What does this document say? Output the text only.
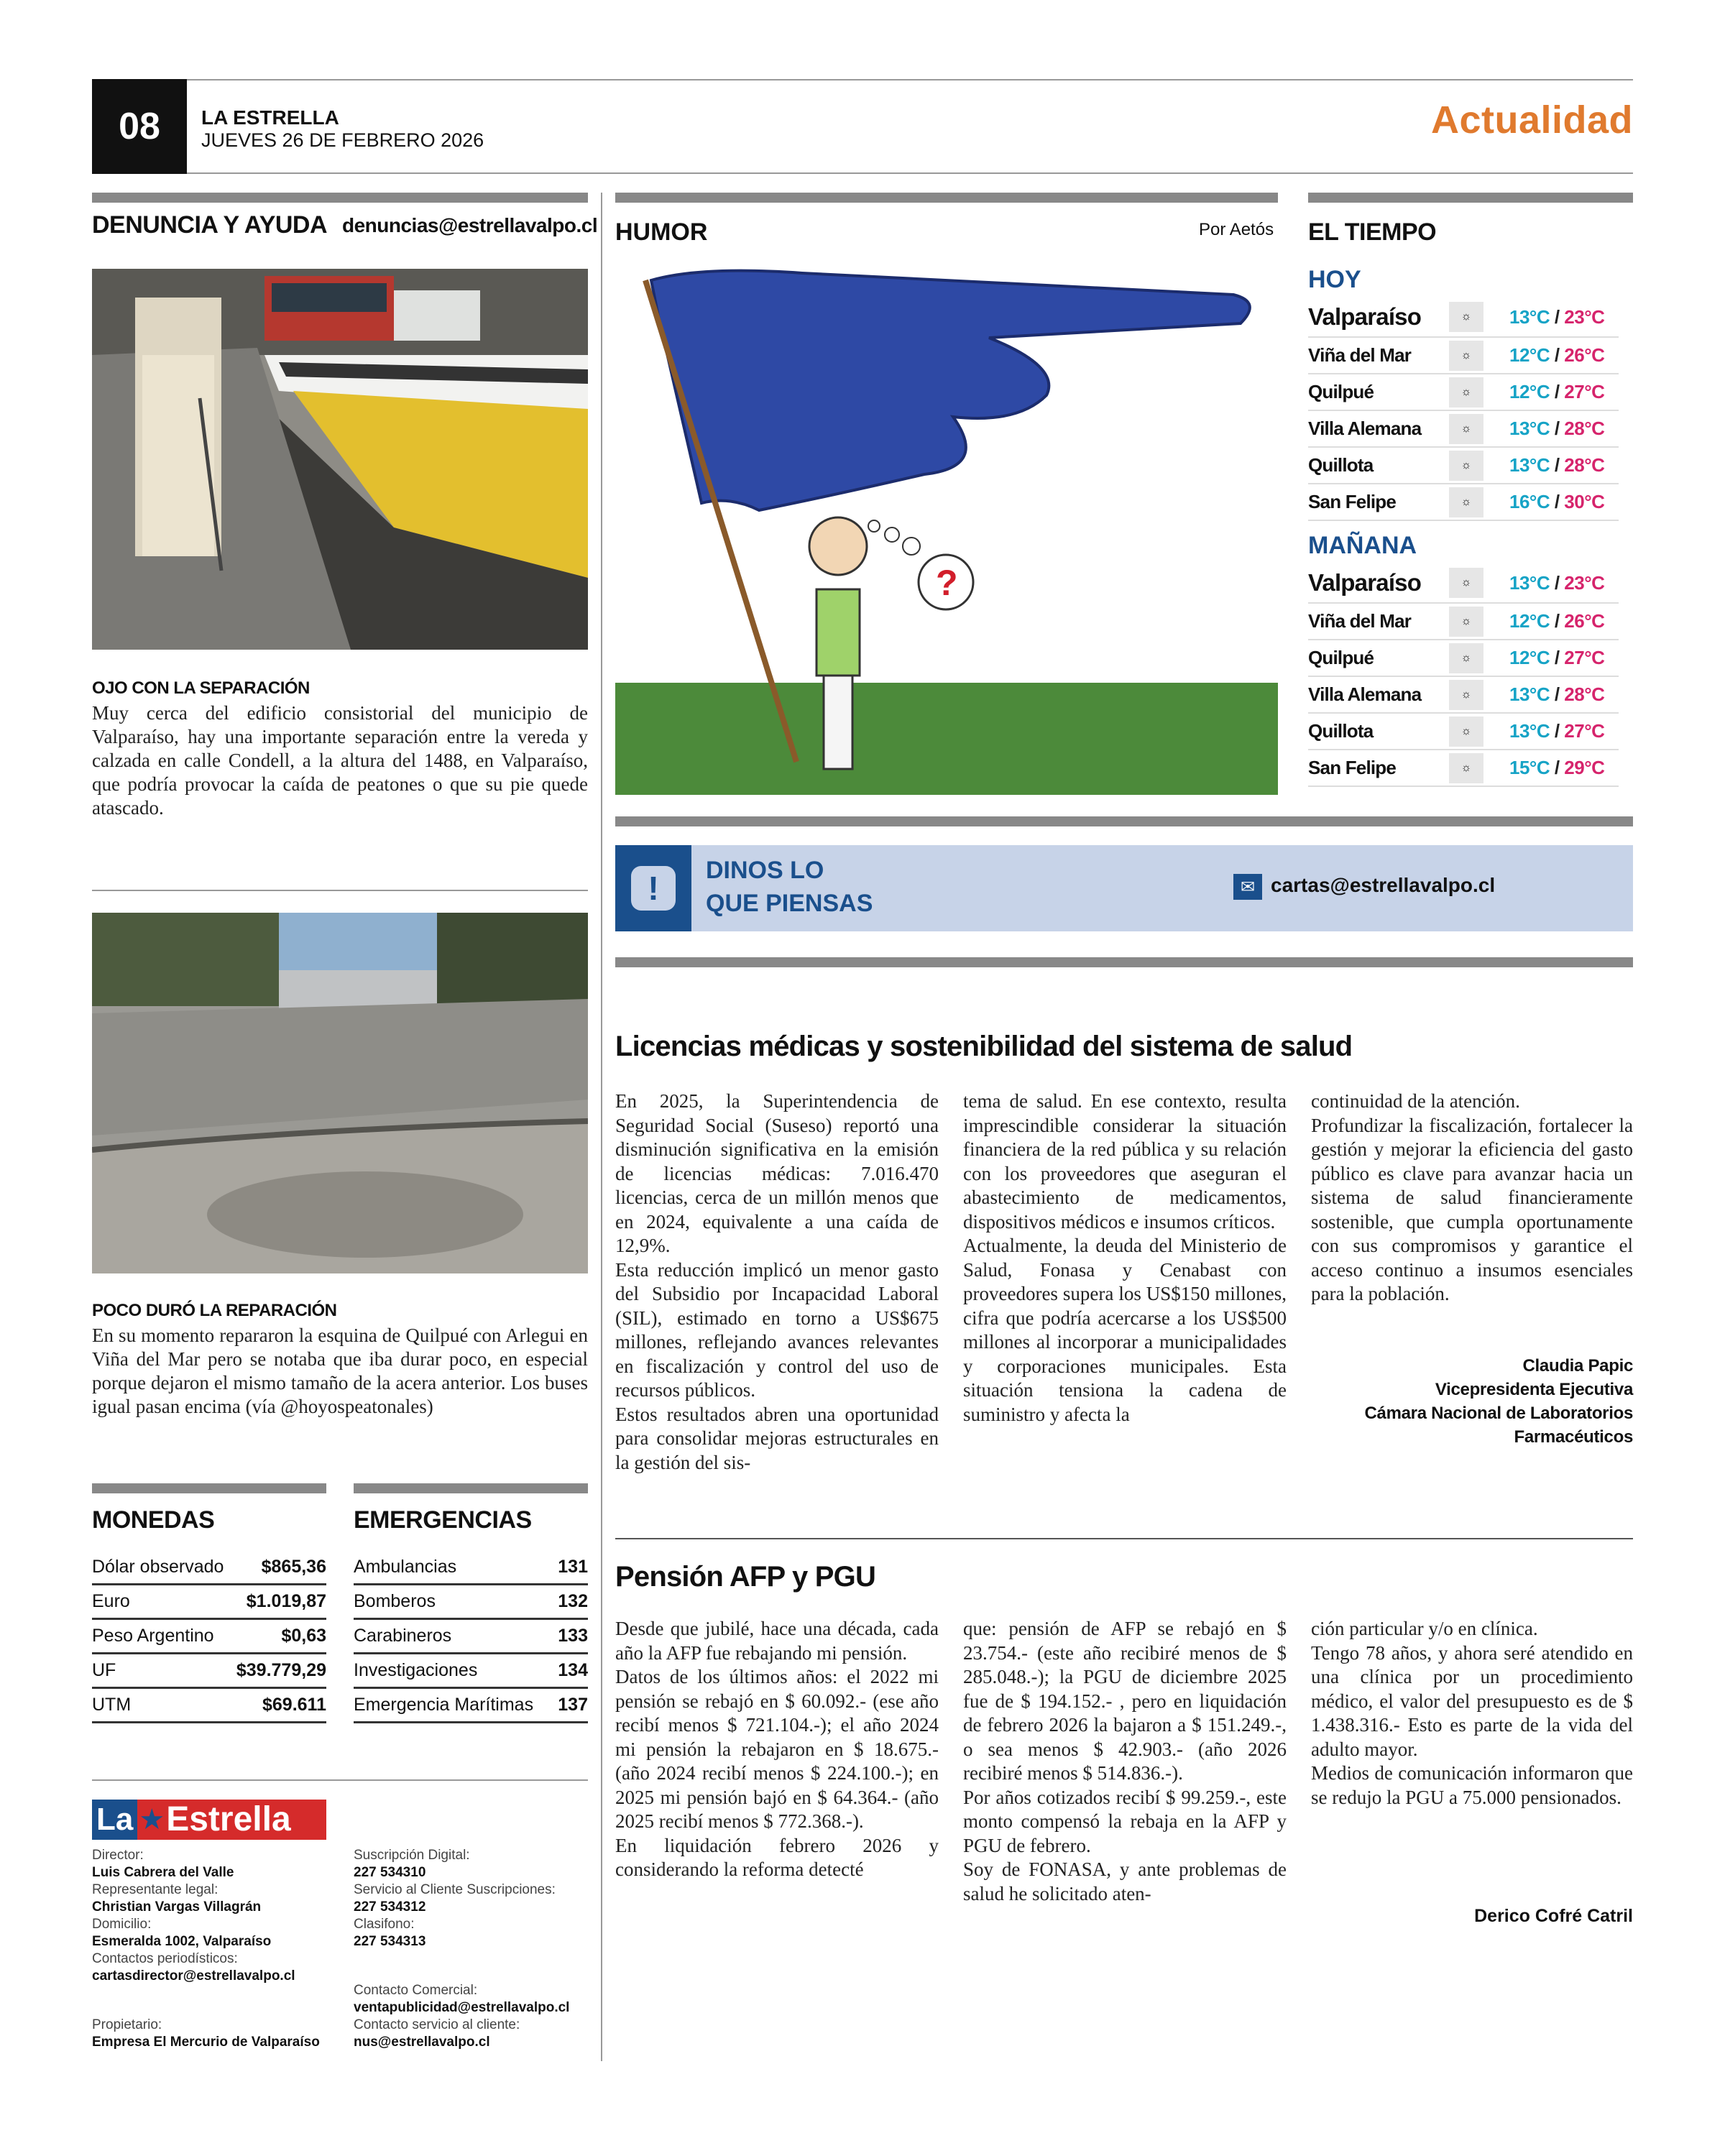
08 LA ESTRELLA
JUEVES 26 DE FEBRERO 2026	Actualidad
DENUNCIA Y AYUDA denuncias@estrellavalpo.cl
OJO CON LA SEPARACIÓN
Muy cerca del edificio consistorial del municipio de Valparaíso, hay una importante separación entre la vereda y calzada en calle Condell, a la altura del 1488, en Valparaíso, que podría provocar la caída de peatones o que su pie quede atascado.
POCO DURÓ LA REPARACIÓN
En su momento repararon la esquina de Quilpué con Arlegui en Viña del Mar pero se notaba que iba durar poco, en especial porque dejaron el mismo tamaño de la acera anterior. Los buses igual pasan encima (vía @hoyospeatonales)
MONEDAS
Dólar observado $865,36
Euro	$1.019,87
Peso Argentino	$0,63
UF	$39.779,29
UTM	$69.611
EMERGENCIAS
Ambulancias	131
Bomberos	132
Carabineros	133
Investigaciones	134
Emergencia Marítimas 137
La ★ Estrella
Director:
Luis Cabrera del Valle
Representante legal:
Christian Vargas Villagrán
Domicilio:
Esmeralda 1002, Valparaíso
Contactos periodísticos:
cartasdirector@estrellavalpo.cl
Propietario:
Empresa El Mercurio de Valparaíso
Suscripción Digital:
227 534310
Servicio al Cliente Suscripciones:
227 534312
Clasifono:
227 534313
Contacto Comercial:
ventapublicidad@estrellavalpo.cl
Contacto servicio al cliente:
nus@estrellavalpo.cl
HUMOR	Por Aetós
?
EL TIEMPO
HOY
Valparaíso	☼	13°C / 23°C
Viña del Mar	☼	12°C / 26°C
Quilpué	☼	12°C / 27°C
Villa Alemana	☼	13°C / 28°C
Quillota	☼	13°C / 28°C
San Felipe	☼	16°C / 30°C
MAÑANA
Valparaíso	☼	13°C / 23°C
Viña del Mar	☼	12°C / 26°C
Quilpué	☼	12°C / 27°C
Villa Alemana	☼	13°C / 28°C
Quillota	☼	13°C / 27°C
San Felipe	☼	15°C / 29°C
! DINOS LO
QUE PIENSAS
✉ cartas@estrellavalpo.cl
Licencias médicas y sostenibilidad del sistema de salud

En 2025, la Superintendencia de Seguridad Social (Suseso) reportó una disminución significativa en la emisión de licencias médicas: 7.016.470 licencias, cerca de un millón menos que en 2024, equivalente a una caída de 12,9%.

Esta reducción implicó un menor gasto del Subsidio por Incapacidad Laboral (SIL), estimado en torno a US$675 millones, reflejando avances relevantes en fiscalización y control del uso de recursos públicos.

Estos resultados abren una oportunidad para consolidar mejoras estructurales en la gestión del sis-

tema de salud. En ese contexto, resulta imprescindible considerar la situación financiera de la red pública y su relación con los proveedores que aseguran el abastecimiento de medicamentos, dispositivos médicos e insumos críticos.

Actualmente, la deuda del Ministerio de Salud, Fonasa y Cenabast con proveedores supera los US$150 millones, cifra que podría acercarse a los US$500 millones al incorporar a municipalidades y corporaciones municipales. Esta situación tensiona la cadena de suministro y afecta la

continuidad de la atención.

Profundizar la fiscalización, fortalecer la gestión y mejorar la eficiencia del gasto público es clave para avanzar hacia un sistema de salud financieramente sostenible, que cumpla oportunamente con sus compromisos y garantice el acceso continuo a insumos esenciales para la población.

Claudia Papic
Vicepresidenta Ejecutiva
Cámara Nacional de Laboratorios
Farmacéuticos
Pensión AFP y PGU

Desde que jubilé, hace una década, cada año la AFP fue rebajando mi pensión.

Datos de los últimos años: el 2022 mi pensión se rebajó en $ 60.092.- (ese año recibí menos $ 721.104.-); el año 2024 mi pensión la rebajaron en $ 18.675.- (año 2024 recibí menos $ 224.100.-); en 2025 mi pensión bajó en $ 64.364.- (año 2025 recibí menos $ 772.368.-).

En liquidación febrero 2026 y considerando la reforma detecté

que: pensión de AFP se rebajó en $ 23.754.- (este año recibiré menos de $ 285.048.-); la PGU de diciembre 2025 fue de $ 194.152.- , pero en liquidación de febrero 2026 la bajaron a $ 151.249.-, o sea menos $ 42.903.- (año 2026 recibiré menos $ 514.836.-).

Por años cotizados recibí $ 99.259.-, este monto compensó la rebaja en la AFP y PGU de febrero.

Soy de FONASA, y ante problemas de salud he solicitado aten-

ción particular y/o en clínica.

Tengo 78 años, y ahora seré atendido en una clínica por un procedimiento médico, el valor del presupuesto es de $ 1.438.316.- Esto es parte de la vida del adulto mayor.

Medios de comunicación informaron que se redujo la PGU a 75.000 pensionados.

Derico Cofré Catril
